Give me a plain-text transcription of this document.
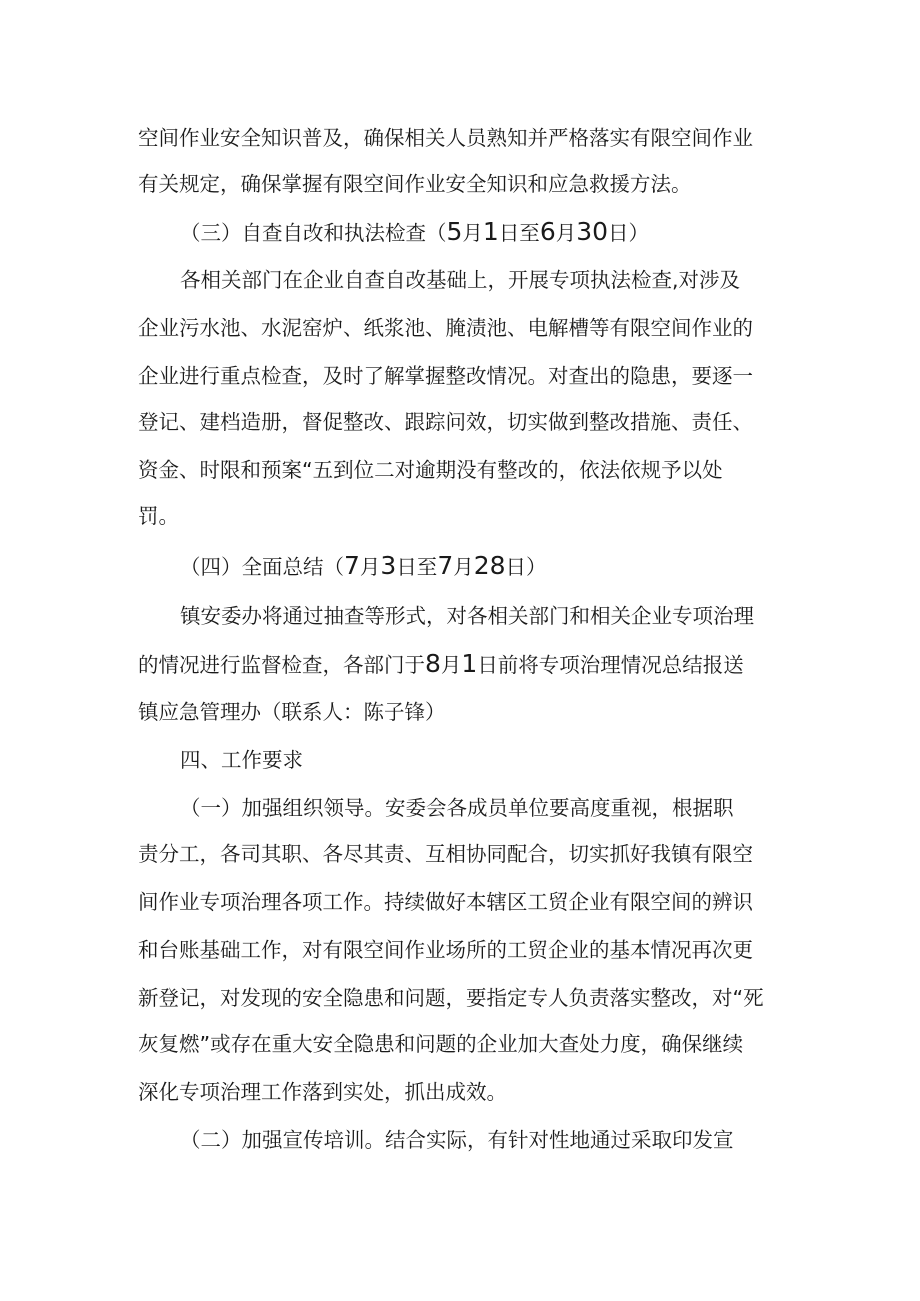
空间作业安全知识普及，确保相关人员熟知并严格落实有限空间作业
有关规定，确保掌握有限空间作业安全知识和应急救援方法。
（三）自查自改和执法检查（5月1日至6月30日）
各相关部门在企业自查自改基础上，开展专项执法检查,对涉及
企业污水池、水泥窑炉、纸浆池、腌渍池、电解槽等有限空间作业的
企业进行重点检查，及时了解掌握整改情况。对查出的隐患，要逐一
登记、建档造册，督促整改、跟踪问效，切实做到整改措施、责任、
资金、时限和预案“五到位二对逾期没有整改的，依法依规予以处
罚。
（四）全面总结（7月3日至7月28日）
镇安委办将通过抽查等形式，对各相关部门和相关企业专项治理
的情况进行监督检查，各部门于8月1日前将专项治理情况总结报送
镇应急管理办（联系人：陈子锋）
四、工作要求
（一）加强组织领导。安委会各成员单位要高度重视，根据职
责分工，各司其职、各尽其责、互相协同配合，切实抓好我镇有限空
间作业专项治理各项工作。持续做好本辖区工贸企业有限空间的辨识
和台账基础工作，对有限空间作业场所的工贸企业的基本情况再次更
新登记，对发现的安全隐患和问题，要指定专人负责落实整改，对“死
灰复燃”或存在重大安全隐患和问题的企业加大查处力度，确保继续
深化专项治理工作落到实处，抓出成效。
（二）加强宣传培训。结合实际，有针对性地通过采取印发宣
